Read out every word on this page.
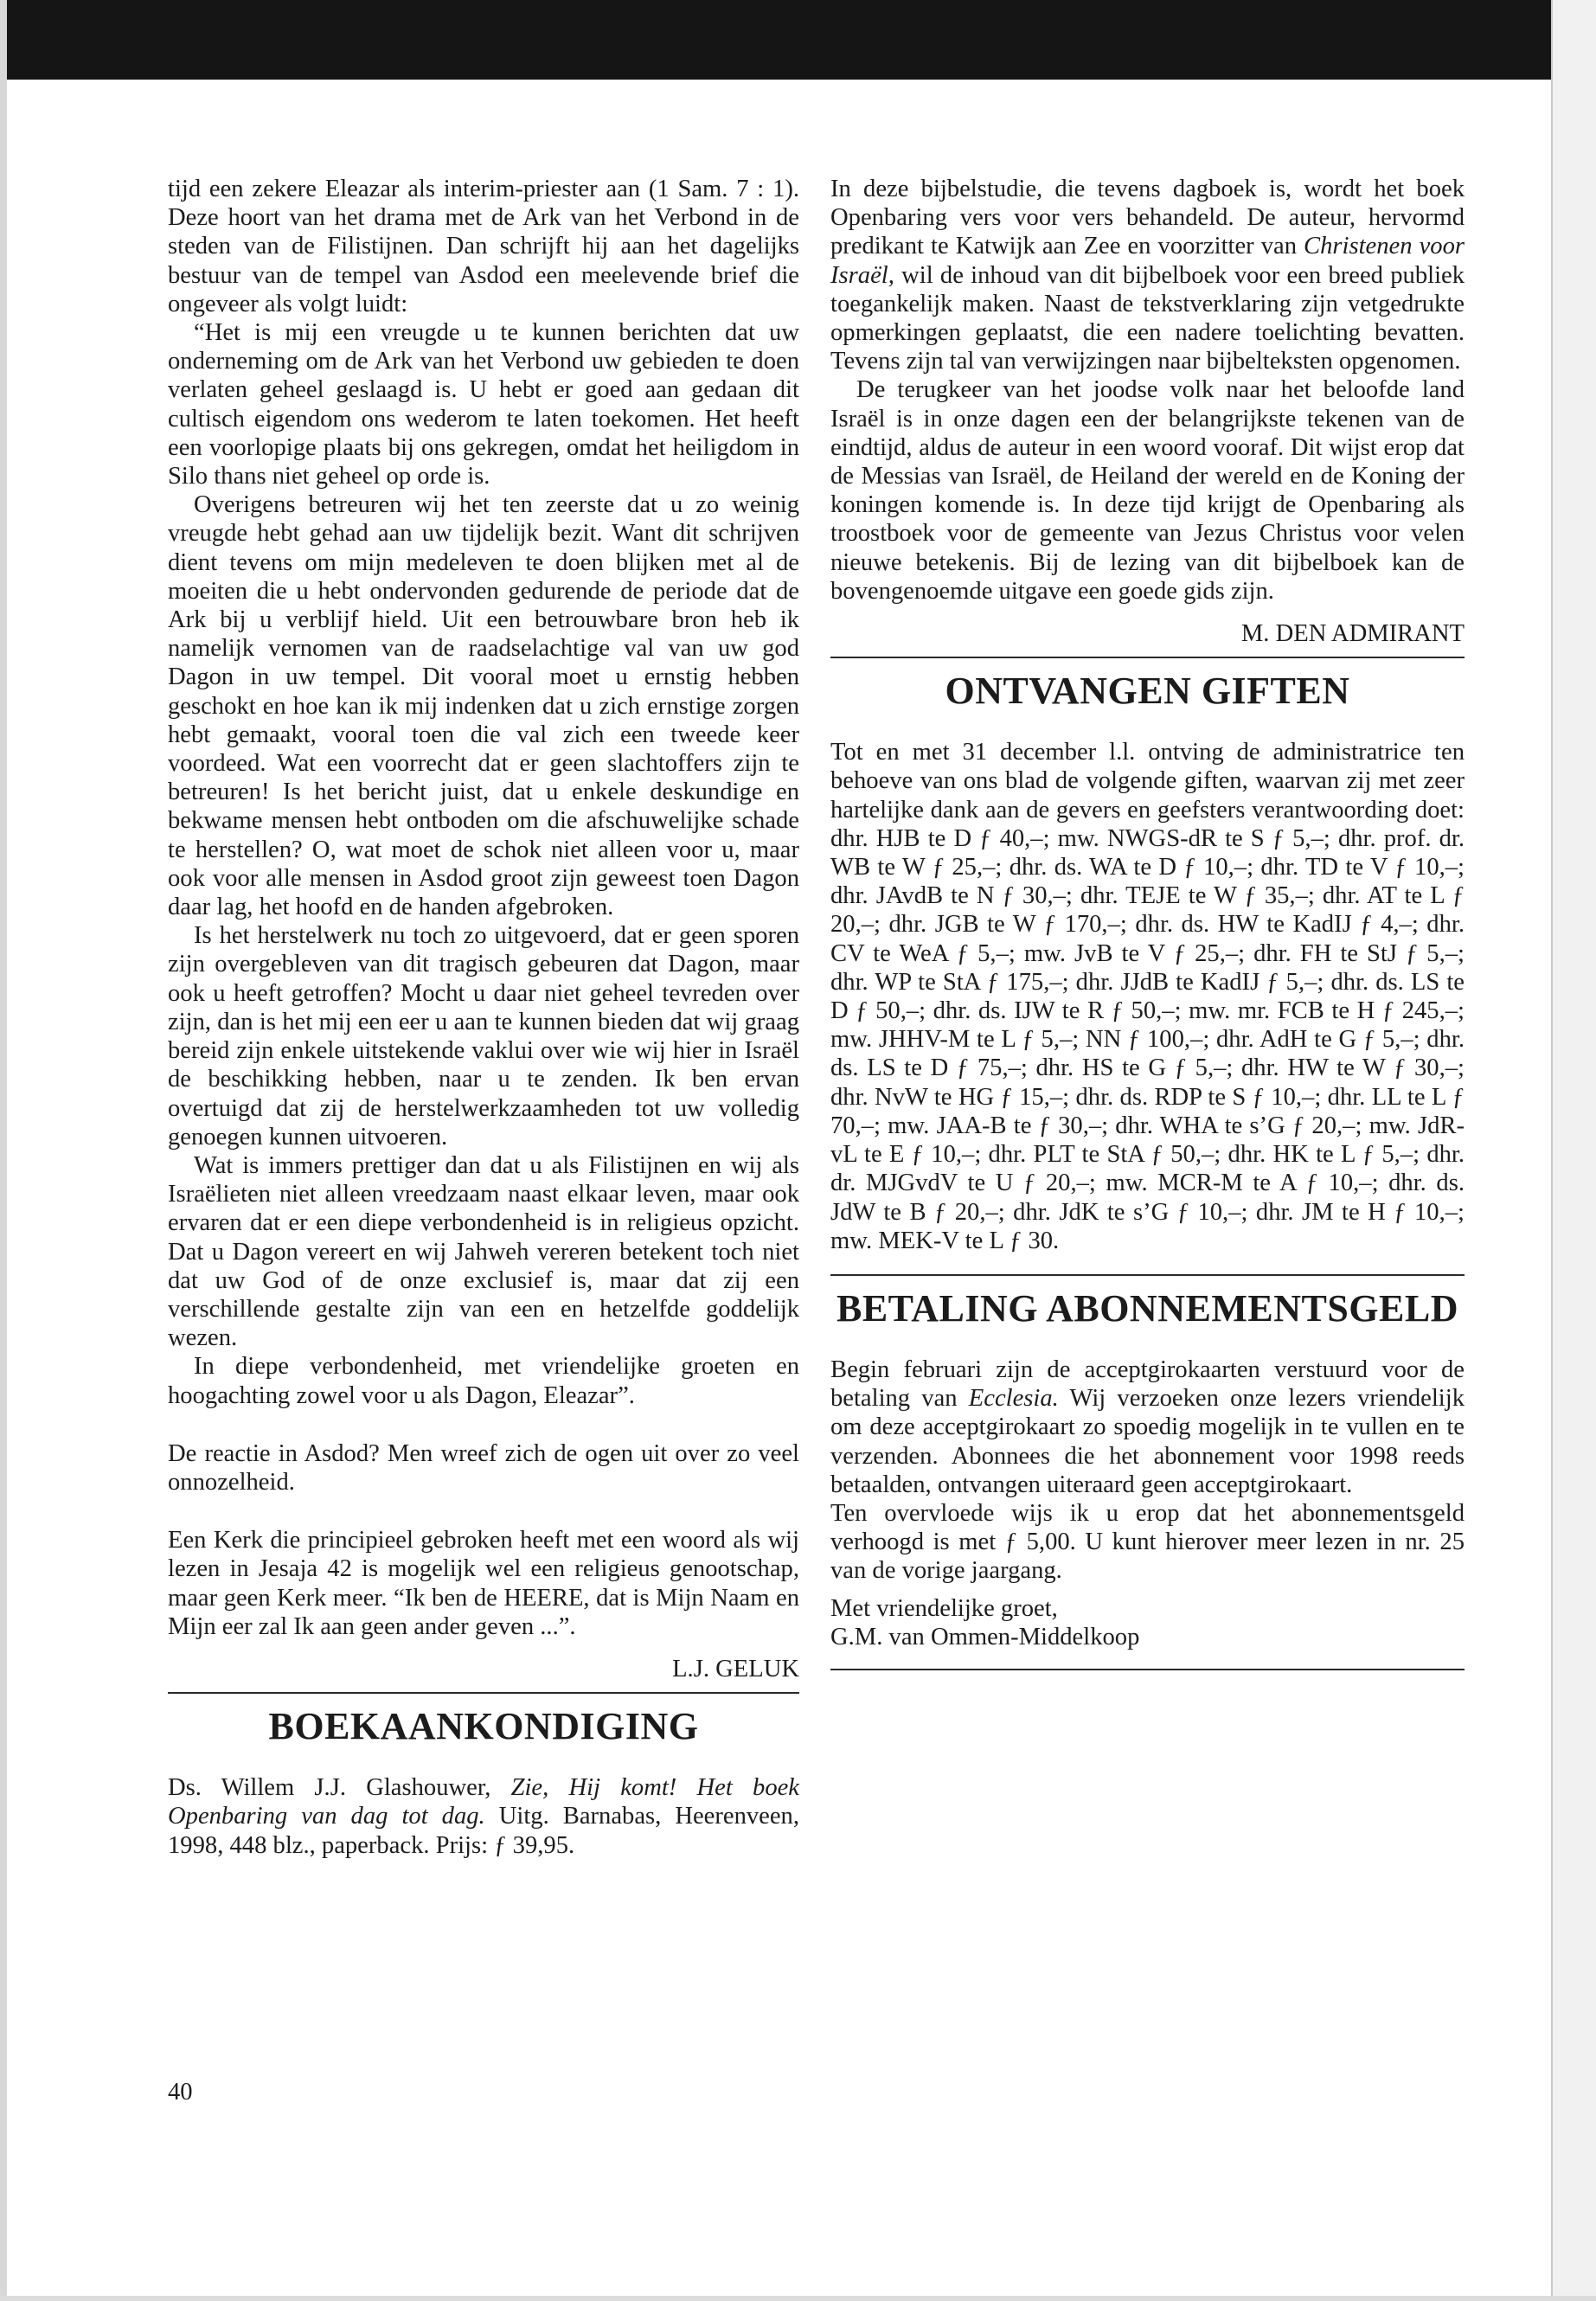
tijd een zekere Eleazar als interim-priester aan (1 Sam. 7 : 1). Deze hoort van het drama met de Ark van het Verbond in de steden van de Filistijnen. Dan schrijft hij aan het dagelijks bestuur van de tempel van Asdod een meelevende brief die ongeveer als volgt luidt:

“Het is mij een vreugde u te kunnen berichten dat uw onderneming om de Ark van het Verbond uw gebieden te doen verlaten geheel geslaagd is. U hebt er goed aan gedaan dit cultisch eigendom ons wederom te laten toekomen. Het heeft een voorlopige plaats bij ons gekregen, omdat het heiligdom in Silo thans niet geheel op orde is.

Overigens betreuren wij het ten zeerste dat u zo weinig vreugde hebt gehad aan uw tijdelijk bezit. Want dit schrijven dient tevens om mijn medeleven te doen blijken met al de moeiten die u hebt ondervonden gedurende de periode dat de Ark bij u verblijf hield. Uit een betrouwbare bron heb ik namelijk vernomen van de raadselachtige val van uw god Dagon in uw tempel. Dit vooral moet u ernstig hebben geschokt en hoe kan ik mij indenken dat u zich ernstige zorgen hebt gemaakt, vooral toen die val zich een tweede keer voordeed. Wat een voorrecht dat er geen slachtoffers zijn te betreuren! Is het bericht juist, dat u enkele deskundige en bekwame mensen hebt ontboden om die afschuwelijke schade te herstellen? O, wat moet de schok niet alleen voor u, maar ook voor alle mensen in Asdod groot zijn geweest toen Dagon daar lag, het hoofd en de handen afgebroken.

Is het herstelwerk nu toch zo uitgevoerd, dat er geen sporen zijn overgebleven van dit tragisch gebeuren dat Dagon, maar ook u heeft getroffen? Mocht u daar niet geheel tevreden over zijn, dan is het mij een eer u aan te kunnen bieden dat wij graag bereid zijn enkele uitstekende vaklui over wie wij hier in Israël de beschikking hebben, naar u te zenden. Ik ben ervan overtuigd dat zij de herstelwerkzaamheden tot uw volledig genoegen kunnen uitvoeren.

Wat is immers prettiger dan dat u als Filistijnen en wij als Israëlieten niet alleen vreedzaam naast elkaar leven, maar ook ervaren dat er een diepe verbondenheid is in religieus opzicht. Dat u Dagon vereert en wij Jahweh vereren betekent toch niet dat uw God of de onze exclusief is, maar dat zij een verschillende gestalte zijn van een en hetzelfde goddelijk wezen.

In diepe verbondenheid, met vriendelijke groeten en hoogachting zowel voor u als Dagon, Eleazar”.

De reactie in Asdod? Men wreef zich de ogen uit over zo veel onnozelheid.

Een Kerk die principieel gebroken heeft met een woord als wij lezen in Jesaja 42 is mogelijk wel een religieus genootschap, maar geen Kerk meer. “Ik ben de HEERE, dat is Mijn Naam en Mijn eer zal Ik aan geen ander geven ...”.

L.J. GELUK

BOEKAANKONDIGING

Ds. Willem J.J. Glashouwer, Zie, Hij komt! Het boek Openbaring van dag tot dag. Uitg. Barnabas, Heerenveen, 1998, 448 blz., paperback. Prijs: ƒ 39,95.

In deze bijbelstudie, die tevens dagboek is, wordt het boek Openbaring vers voor vers behandeld. De auteur, hervormd predikant te Katwijk aan Zee en voorzitter van Christenen voor Israël, wil de inhoud van dit bijbelboek voor een breed publiek toegankelijk maken. Naast de tekstverklaring zijn vetgedrukte opmerkingen geplaatst, die een nadere toelichting bevatten. Tevens zijn tal van verwijzingen naar bijbelteksten opgenomen.

De terugkeer van het joodse volk naar het beloofde land Israël is in onze dagen een der belangrijkste tekenen van de eindtijd, aldus de auteur in een woord vooraf. Dit wijst erop dat de Messias van Israël, de Heiland der wereld en de Koning der koningen komende is. In deze tijd krijgt de Openbaring als troostboek voor de gemeente van Jezus Christus voor velen nieuwe betekenis. Bij de lezing van dit bijbelboek kan de bovengenoemde uitgave een goede gids zijn.

M. DEN ADMIRANT

ONTVANGEN GIFTEN

Tot en met 31 december l.l. ontving de administratrice ten behoeve van ons blad de volgende giften, waarvan zij met zeer hartelijke dank aan de gevers en geefsters verantwoording doet: dhr. HJB te D ƒ 40,–; mw. NWGS-dR te S ƒ 5,–; dhr. prof. dr. WB te W ƒ 25,–; dhr. ds. WA te D ƒ 10,–; dhr. TD te V ƒ 10,–; dhr. JAvdB te N ƒ 30,–; dhr. TEJE te W ƒ 35,–; dhr. AT te L ƒ 20,–; dhr. JGB te W ƒ 170,–; dhr. ds. HW te KadIJ ƒ 4,–; dhr. CV te WeA ƒ 5,–; mw. JvB te V ƒ 25,–; dhr. FH te StJ ƒ 5,–; dhr. WP te StA ƒ 175,–; dhr. JJdB te KadIJ ƒ 5,–; dhr. ds. LS te D ƒ 50,–; dhr. ds. IJW te R ƒ 50,–; mw. mr. FCB te H ƒ 245,–; mw. JHHV-M te L ƒ 5,–; NN ƒ 100,–; dhr. AdH te G ƒ 5,–; dhr. ds. LS te D ƒ 75,–; dhr. HS te G ƒ 5,–; dhr. HW te W ƒ 30,–; dhr. NvW te HG ƒ 15,–; dhr. ds. RDP te S ƒ 10,–; dhr. LL te L ƒ 70,–; mw. JAA-B te ƒ 30,–; dhr. WHA te s’G ƒ 20,–; mw. JdR-vL te E ƒ 10,–; dhr. PLT te StA ƒ 50,–; dhr. HK te L ƒ 5,–; dhr. dr. MJGvdV te U ƒ 20,–; mw. MCR-M te A ƒ 10,–; dhr. ds. JdW te B ƒ 20,–; dhr. JdK te s’G ƒ 10,–; dhr. JM te H ƒ 10,–; mw. MEK-V te L ƒ 30.

BETALING ABONNEMENTSGELD

Begin februari zijn de acceptgirokaarten verstuurd voor de betaling van Ecclesia. Wij verzoeken onze lezers vriendelijk om deze acceptgirokaart zo spoedig mogelijk in te vullen en te verzenden. Abonnees die het abonnement voor 1998 reeds betaalden, ontvangen uiteraard geen acceptgirokaart.

Ten overvloede wijs ik u erop dat het abonnementsgeld verhoogd is met ƒ 5,00. U kunt hierover meer lezen in nr. 25 van de vorige jaargang.

Met vriendelijke groet,

G.M. van Ommen-Middelkoop

40
